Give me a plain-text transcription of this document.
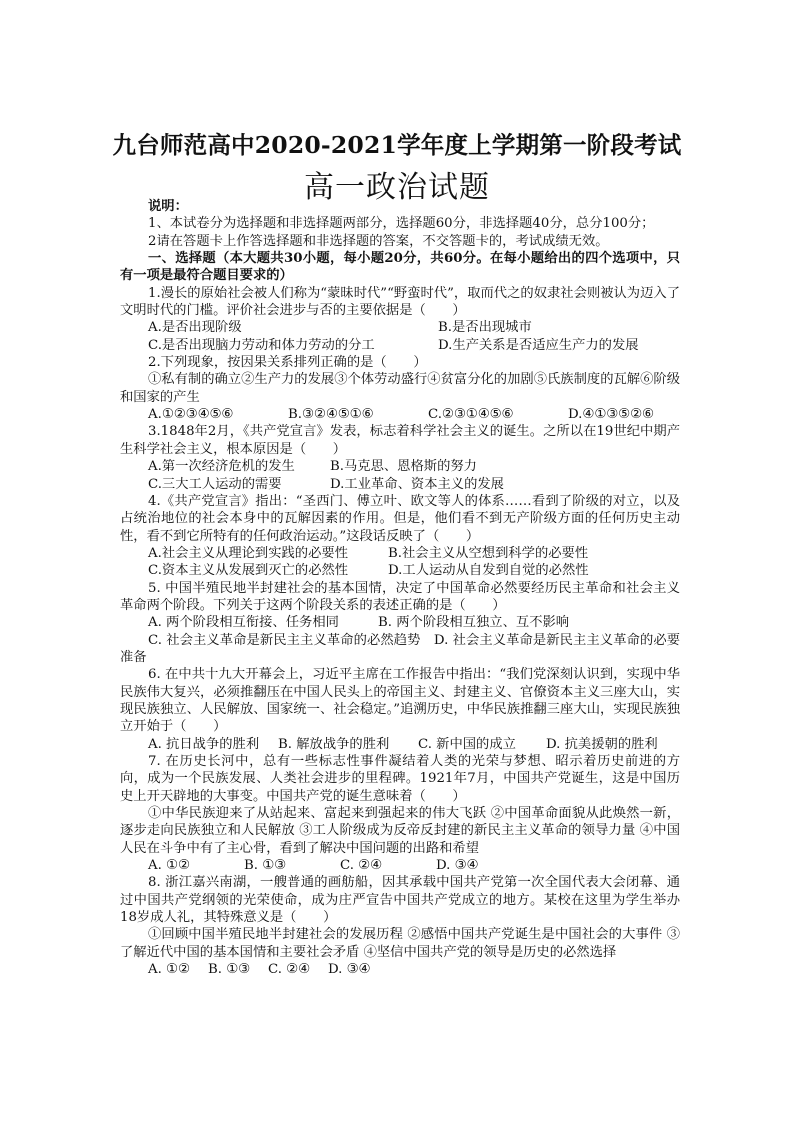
九台师范高中2020-2021学年度上学期第一阶段考试
高一政治试题

说明：

1、本试卷分为选择题和非选择题两部分，选择题60分，非选择题40分，总分100分；

2请在答题卡上作答选择题和非选择题的答案，不交答题卡的，考试成绩无效。

一、选择题（本大题共30小题，每小题20分，共60分。在每小题给出的四个选项中，只有一项是最符合题目要求的）

1.漫长的原始社会被人们称为“蒙昧时代”“野蛮时代”，取而代之的奴隶社会则被认为迈入了文明时代的门槛。评价社会进步与否的主要依据是（　　）

A.是否出现阶级	B.是否出现城市
C.是否出现脑力劳动和体力劳动的分工	D.生产关系是否适应生产力的发展

2.下列现象，按因果关系排列正确的是（　　）

①私有制的确立②生产力的发展③个体劳动盛行④贫富分化的加剧⑤氏族制度的瓦解⑥阶级和国家的产生

A.①②③④⑤⑥	B.③②④⑤①⑥	C.②③①④⑤⑥	D.④①③⑤②⑥

3.1848年2月，《共产党宣言》发表，标志着科学社会主义的诞生。之所以在19世纪中期产生科学社会主义，根本原因是（　　）

A.第一次经济危机的发生	B.马克思、恩格斯的努力
C.三大工人运动的需要	D.工业革命、资本主义的发展

4.《共产党宣言》指出：“圣西门、傅立叶、欧文等人的体系……看到了阶级的对立，以及占统治地位的社会本身中的瓦解因素的作用。但是，他们看不到无产阶级方面的任何历史主动性，看不到它所特有的任何政治运动。”这段话反映了（　　）

A.社会主义从理论到实践的必要性	B.社会主义从空想到科学的必要性
C.资本主义从发展到灭亡的必然性	D.工人运动从自发到自觉的必然性

5. 中国半殖民地半封建社会的基本国情，决定了中国革命必然要经历民主革命和社会主义革命两个阶段。下列关于这两个阶段关系的表述正确的是（　　）

A. 两个阶段相互衔接、任务相同	B. 两个阶段相互独立、互不影响

C. 社会主义革命是新民主主义革命的必然趋势　 D. 社会主义革命是新民主主义革命的必要准备

6. 在中共十九大开幕会上，习近平主席在工作报告中指出：“我们党深刻认识到，实现中华民族伟大复兴，必须推翻压在中国人民头上的帝国主义、封建主义、官僚资本主义三座大山，实现民族独立、人民解放、国家统一、社会稳定。”追溯历史，中华民族推翻三座大山，实现民族独立开始于（　　）

A. 抗日战争的胜利	B. 解放战争的胜利	C. 新中国的成立	D. 抗美援朝的胜利

7. 在历史长河中，总有一些标志性事件凝结着人类的光荣与梦想、昭示着历史前进的方向，成为一个民族发展、人类社会进步的里程碑。1921年7月，中国共产党诞生，这是中国历史上开天辟地的大事变。中国共产党的诞生意味着（　　）

①中华民族迎来了从站起来、富起来到强起来的伟大飞跃 ②中国革命面貌从此焕然一新，逐步走向民族独立和人民解放 ③工人阶级成为反帝反封建的新民主主义革命的领导力量 ④中国人民在斗争中有了主心骨，看到了解决中国问题的出路和希望

A. ①②	B. ①③	C. ②④	D. ③④

8. 浙江嘉兴南湖，一艘普通的画舫船，因其承载中国共产党第一次全国代表大会闭幕、通过中国共产党纲领的光荣使命，成为庄严宣告中国共产党成立的地方。某校在这里为学生举办18岁成人礼，其特殊意义是（　　）

①回顾中国半殖民地半封建社会的发展历程 ②感悟中国共产党诞生是中国社会的大事件 ③了解近代中国的基本国情和主要社会矛盾 ④坚信中国共产党的领导是历史的必然选择

A. ①②	B. ①③	C. ②④	D. ③④
